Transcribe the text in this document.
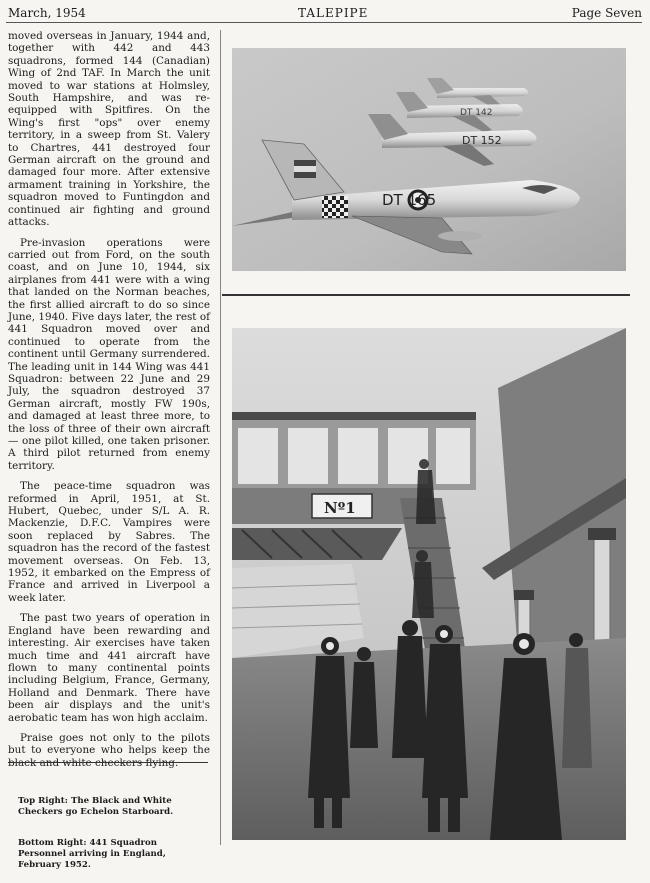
March, 1954	TALEPIPE	Page Seven

moved overseas in January, 1944 and, together with 442 and 443 squadrons, formed 144 (Canadian) Wing of 2nd TAF. In March the unit moved to war stations at Holmsley, South Hampshire, and was re-equipped with Spitfires. On the Wing's first "ops" over enemy territory, in a sweep from St. Valery to Chartres, 441 destroyed four German aircraft on the ground and damaged four more. After extensive armament training in Yorkshire, the squadron moved to Funtingdon and continued air fighting and ground attacks.

Pre-invasion operations were carried out from Ford, on the south coast, and on June 10, 1944, six airplanes from 441 were with a wing that landed on the Norman beaches, the first allied aircraft to do so since June, 1940. Five days later, the rest of 441 Squadron moved over and continued to operate from the continent until Germany surrendered. The leading unit in 144 Wing was 441 Squadron: between 22 June and 29 July, the squadron destroyed 37 German aircraft, mostly FW 190s, and damaged at least three more, to the loss of three of their own aircraft — one pilot killed, one taken prisoner. A third pilot returned from enemy territory.

The peace-time squadron was reformed in April, 1951, at St. Hubert, Quebec, under S/L A. R. Mackenzie, D.F.C. Vampires were soon replaced by Sabres. The squadron has the record of the fastest movement overseas. On Feb. 13, 1952, it embarked on the Empress of France and arrived in Liverpool a week later.

The past two years of operation in England have been rewarding and interesting. Air exercises have taken much time and 441 aircraft have flown to many continental points including Belgium, France, Germany, Holland and Denmark. There have been air displays and the unit's aerobatic team has won high acclaim.

Praise goes not only to the pilots but to everyone who helps keep the

Top Right: The Black and White Checkers go Echelon Starboard.
Bottom Right: 441 Squadron Personnel arriving in England, February 1952.
DT 142
DT 152
DT 165
Nº1
